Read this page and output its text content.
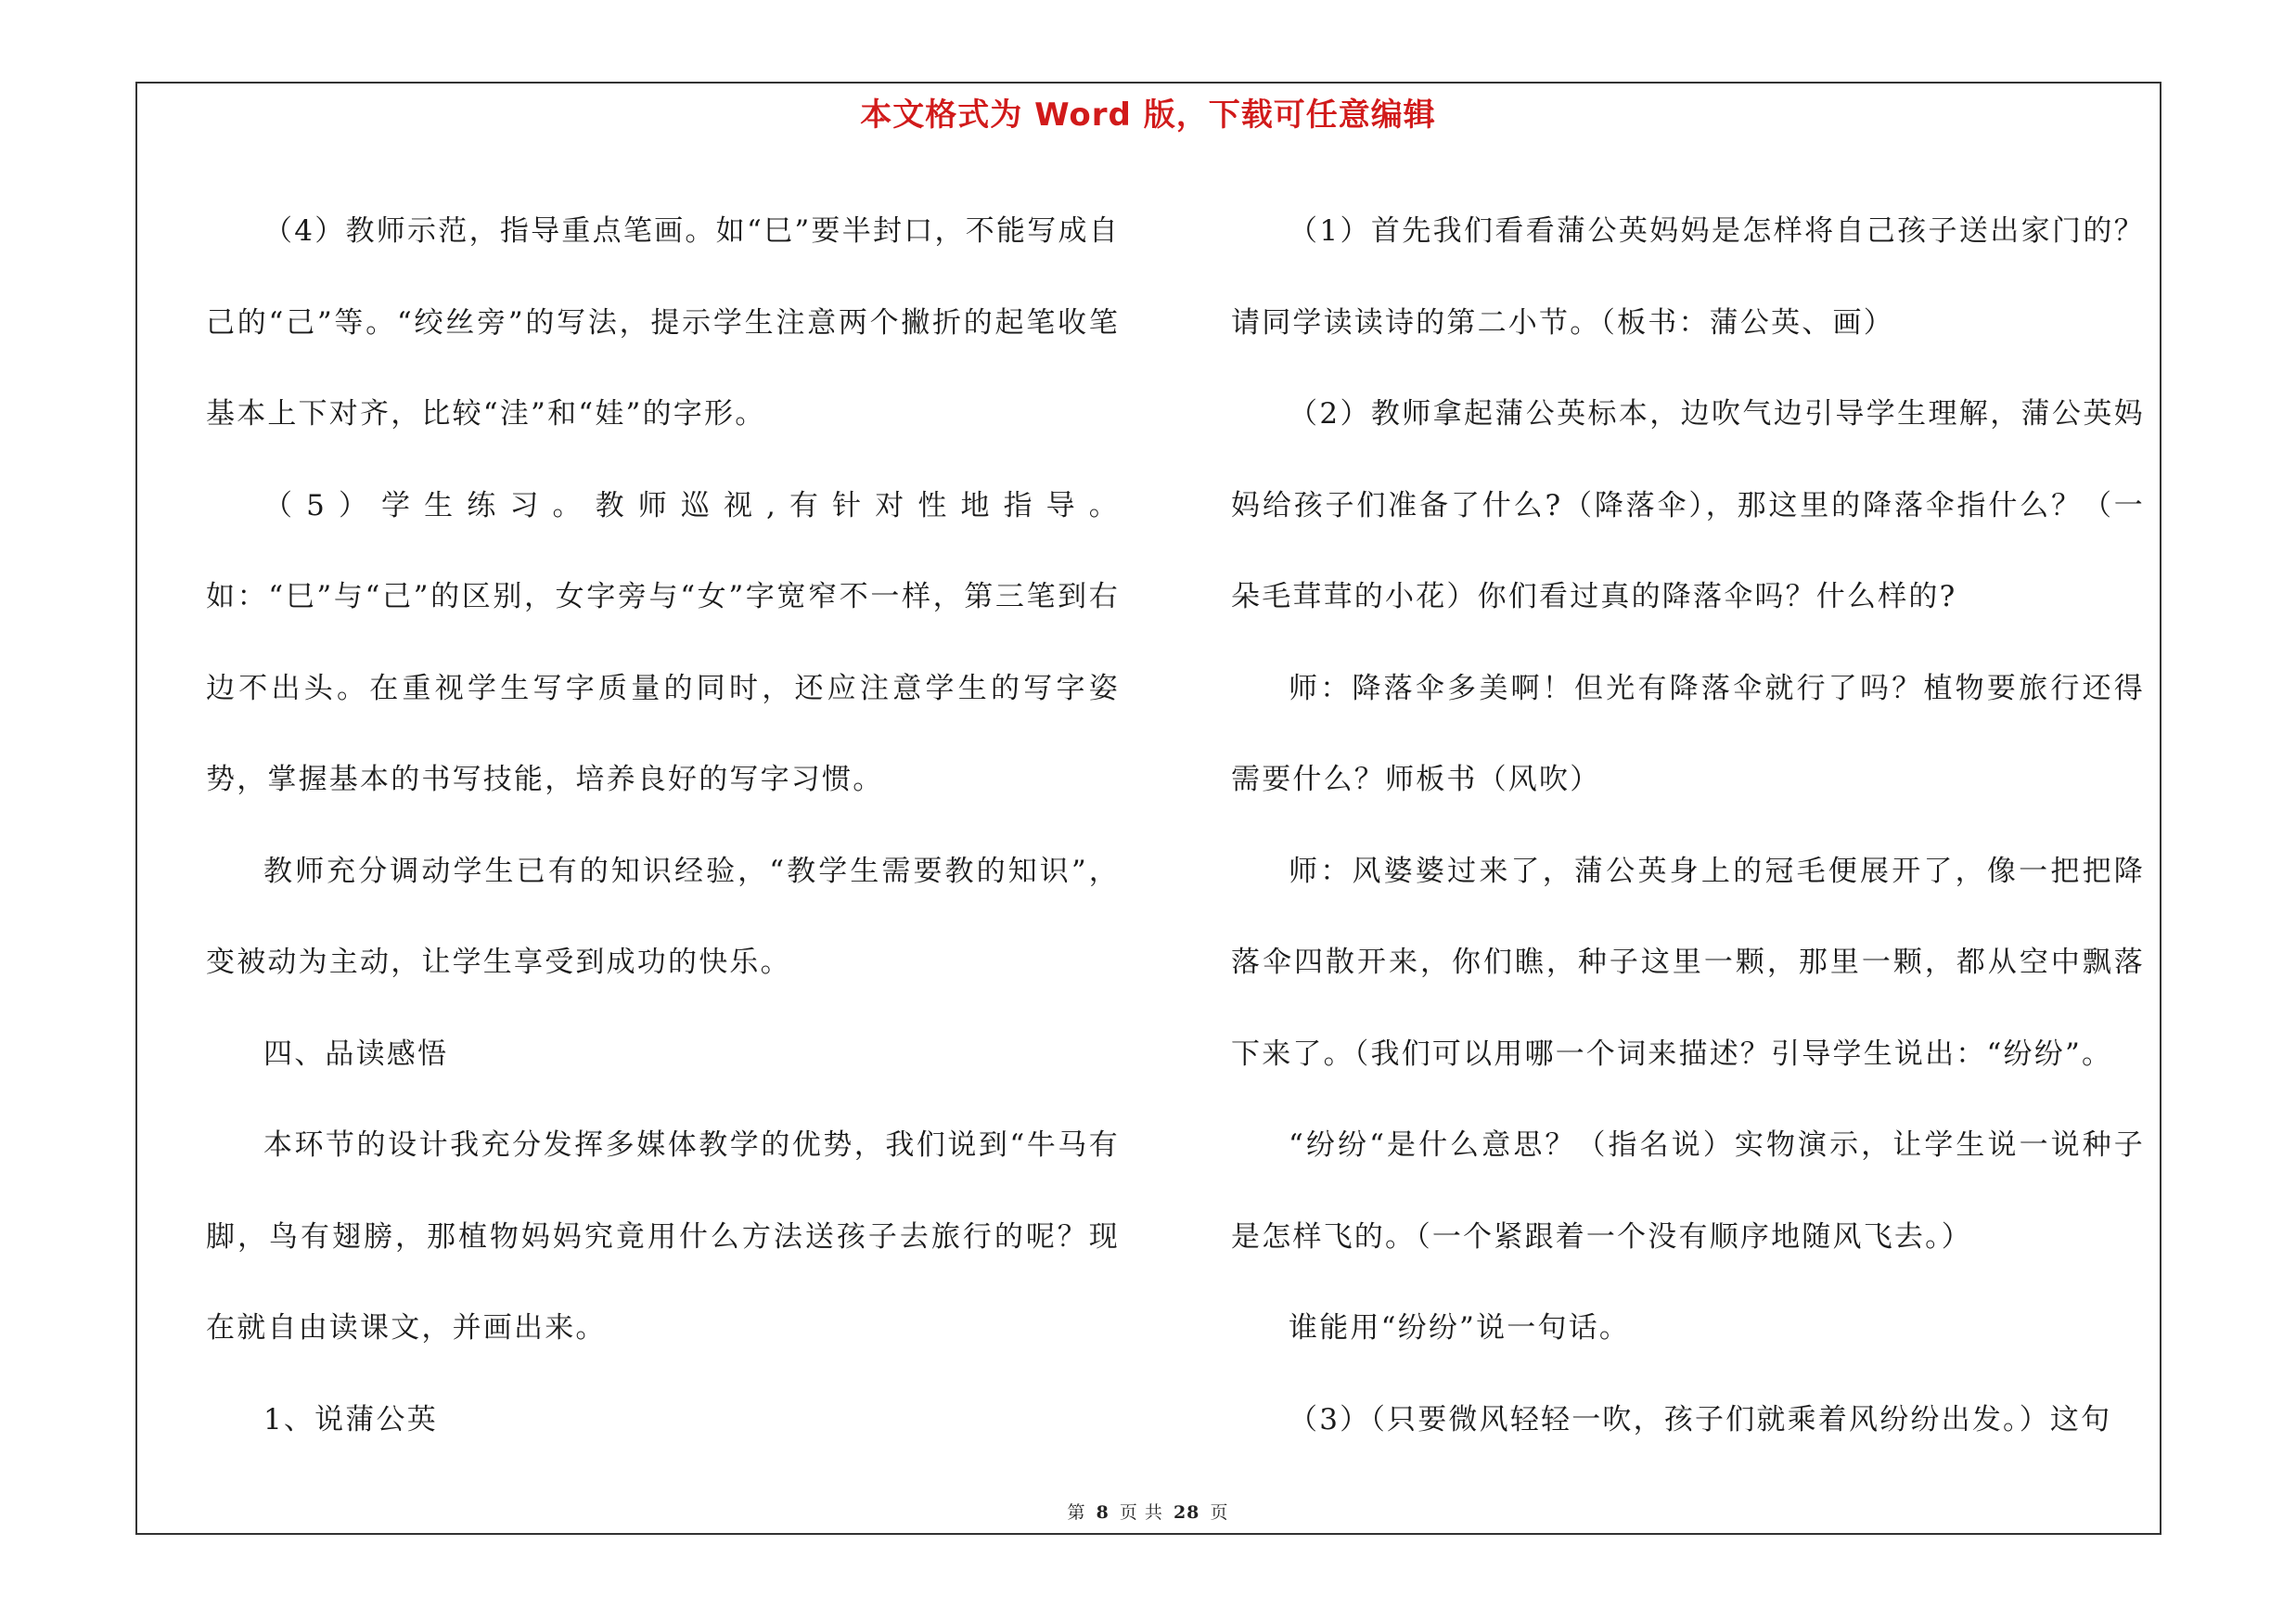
本文格式为 Word 版，下载可任意编辑

（4）教师示范，指导重点笔画。如“巳”要半封口，不能写成自己的“己”等。“绞丝旁”的写法，提示学生注意两个撇折的起笔收笔基本上下对齐，比较“洼”和“娃”的字形。

（5）学生练习。教师巡视,有针对性地指导。如：“巳”与“己”的区别，女字旁与“女”字宽窄不一样，第三笔到右边不出头。在重视学生写字质量的同时，还应注意学生的写字姿势，掌握基本的书写技能，培养良好的写字习惯。

教师充分调动学生已有的知识经验，“教学生需要教的知识”，变被动为主动，让学生享受到成功的快乐。

四、品读感悟

本环节的设计我充分发挥多媒体教学的优势，我们说到“牛马有脚，鸟有翅膀，那植物妈妈究竟用什么方法送孩子去旅行的呢？现在就自由读课文，并画出来。

1、说蒲公英

（1）首先我们看看蒲公英妈妈是怎样将自己孩子送出家门的？请同学读读诗的第二小节。（板书：蒲公英、画）

（2）教师拿起蒲公英标本，边吹气边引导学生理解，蒲公英妈妈给孩子们准备了什么?（降落伞），那这里的降落伞指什么？（一朵毛茸茸的小花）你们看过真的降落伞吗？什么样的?

师：降落伞多美啊！但光有降落伞就行了吗？植物要旅行还得需要什么？师板书（风吹）

师：风婆婆过来了，蒲公英身上的冠毛便展开了，像一把把降落伞四散开来，你们瞧，种子这里一颗，那里一颗，都从空中飘落下来了。（我们可以用哪一个词来描述？引导学生说出：“纷纷”。

“纷纷“是什么意思？（指名说）实物演示，让学生说一说种子是怎样飞的。（一个紧跟着一个没有顺序地随风飞去。）

谁能用“纷纷”说一句话。

（3）（只要微风轻轻一吹，孩子们就乘着风纷纷出发。）这句

第 8 页 共 28 页
